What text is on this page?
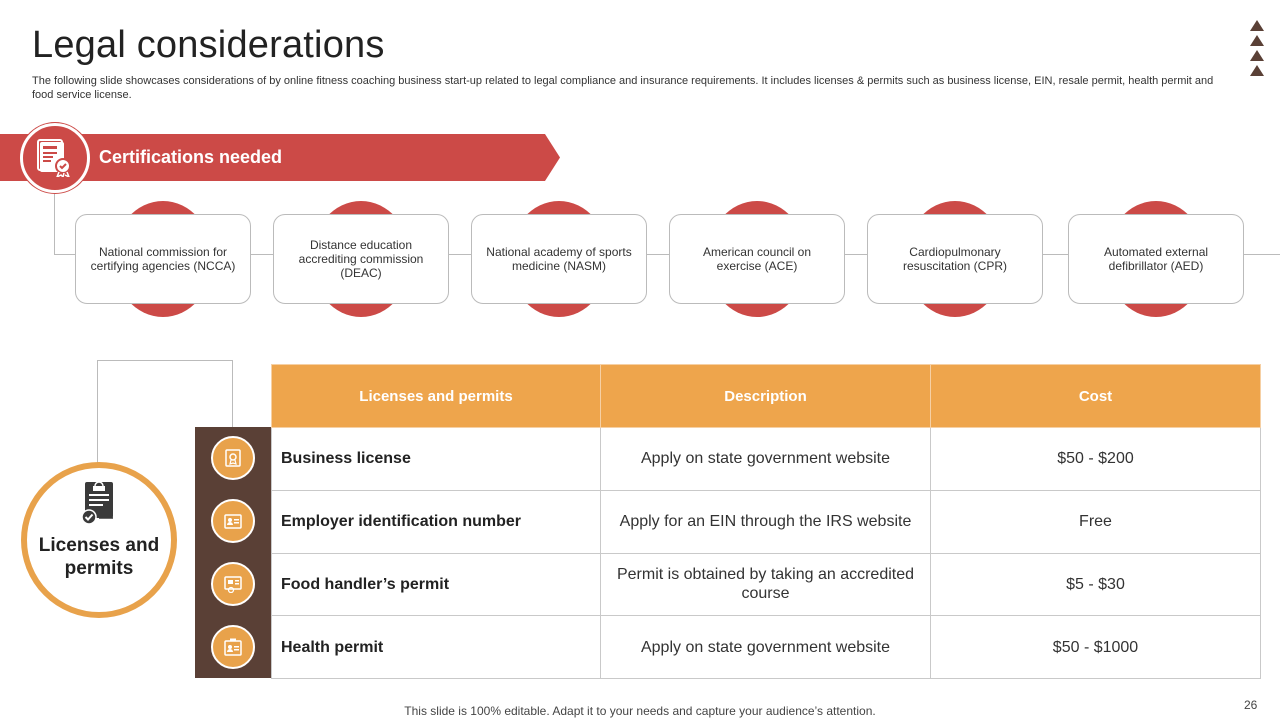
Legal considerations
The following slide showcases considerations of by online fitness coaching business start-up related to legal compliance and insurance requirements. It includes licenses & permits such as business license, EIN, resale permit, health permit and food service license.
Certifications needed
National commission for certifying agencies (NCCA)
Distance education accrediting commission (DEAC)
National academy of sports medicine (NASM)
American council on exercise (ACE)
Cardiopulmonary resuscitation (CPR)
Automated external defibrillator (AED)
Licenses and permits
Licenses and permits	Description	Cost
Business license	Apply on state government website	$50 - $200
Employer identification number	Apply for an EIN through the IRS website	Free
Food handler’s permit	Permit is obtained by taking an accredited course	$5 - $30
Health permit	Apply on state government website	$50 - $1000
This slide is 100% editable. Adapt it to your needs and capture your audience’s attention.	26
